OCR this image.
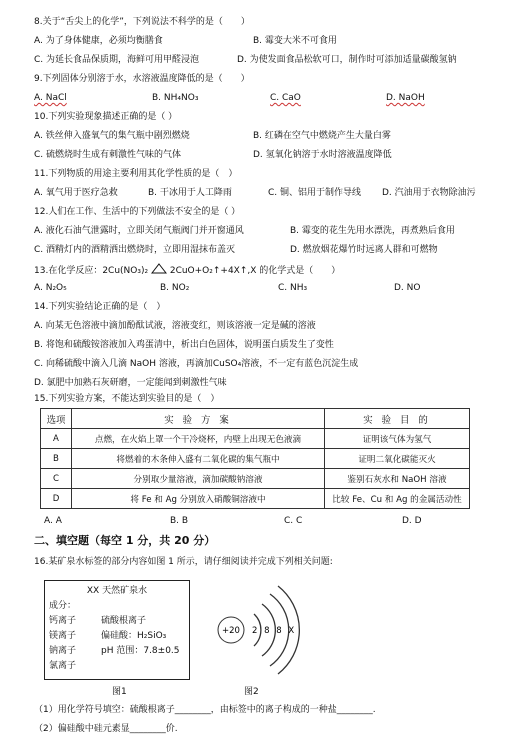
8.关于“舌尖上的化学”，下列说法不科学的是（　　）
A. 为了身体健康，必须均衡膳食	B. 霉变大米不可食用
C. 为延长食品保质期，海鲜可用甲醛浸泡	D. 为使发面食品松软可口，制作时可添加适量碳酸氢钠
9.下列固体分别溶于水，水溶液温度降低的是（　　）
A. NaCl	B. NH₄NO₃	C. CaO	D. NaOH
10.下列实验现象描述正确的是（ ）
A. 铁丝伸入盛氧气的集气瓶中剧烈燃烧	B. 红磷在空气中燃烧产生大量白雾
C. 硫燃烧时生成有刺激性气味的气体	D. 氢氧化钠溶于水时溶液温度降低
11.下列物质的用途主要利用其化学性质的是（　）
A. 氧气用于医疗急救	B. 干冰用于人工降雨	C. 铜、铝用于制作导线 D. 汽油用于衣物除油污
12.人们在工作、生活中的下列做法不安全的是（ ）
A. 液化石油气泄露时，立即关闭气瓶阀门并开窗通风	B. 霉变的花生先用水漂洗，再煮熟后食用
C. 酒精灯内的酒精洒出燃烧时，立即用湿抹布盖灭	D. 燃放烟花爆竹时远离人群和可燃物
13.在化学反应：2Cu(NO₃)₂ 2CuO+O₂↑+4X↑,X 的化学式是（　　）
A. N₂O₅	B. NO₂	C. NH₃	D. NO
14.下列实验结论正确的是（　）
A. 向某无色溶液中滴加酚酞试液，溶液变红，则该溶液一定是碱的溶液
B. 将饱和硫酸铵溶液加入鸡蛋清中，析出白色固体，说明蛋白质发生了变性
C. 向稀硫酸中滴入几滴 NaOH 溶液，再滴加CuSO₄溶液，不一定有蓝色沉淀生成
D. 氯肥中加熟石灰研磨，一定能闻到刺激性气味
15.下列实验方案，不能达到实验目的是（　）
选项	实 验 方 案	实 验 目 的
A	点燃，在火焰上罩一个干冷烧杯，内壁上出现无色液滴	证明该气体为氢气
B	将燃着的木条伸入盛有二氧化碳的集气瓶中	证明二氧化碳能灭火
C	分别取少量溶液，滴加碳酸钠溶液	鉴别石灰水和 NaOH 溶液
D	将 Fe 和 Ag 分别放入硝酸铜溶液中	比较 Fe、Cu 和 Ag 的金属活动性
A. A	B. B	C. C	D. D
二、填空题（每空 1 分，共 20 分）
16.某矿泉水标签的部分内容如图 1 所示，请仔细阅读并完成下列相关问题:
XX 天然矿泉水
成分：
钙离子
镁离子
钠离子
氯离子
硫酸根离子
偏硅酸：H₂SiO₃
pH 范围：7.8±0.5
+20 2 8 8 X
图1	图2
（1）用化学符号填空：硫酸根离子________，由标签中的离子构成的一种盐________.
（2）偏硅酸中硅元素显________价.
